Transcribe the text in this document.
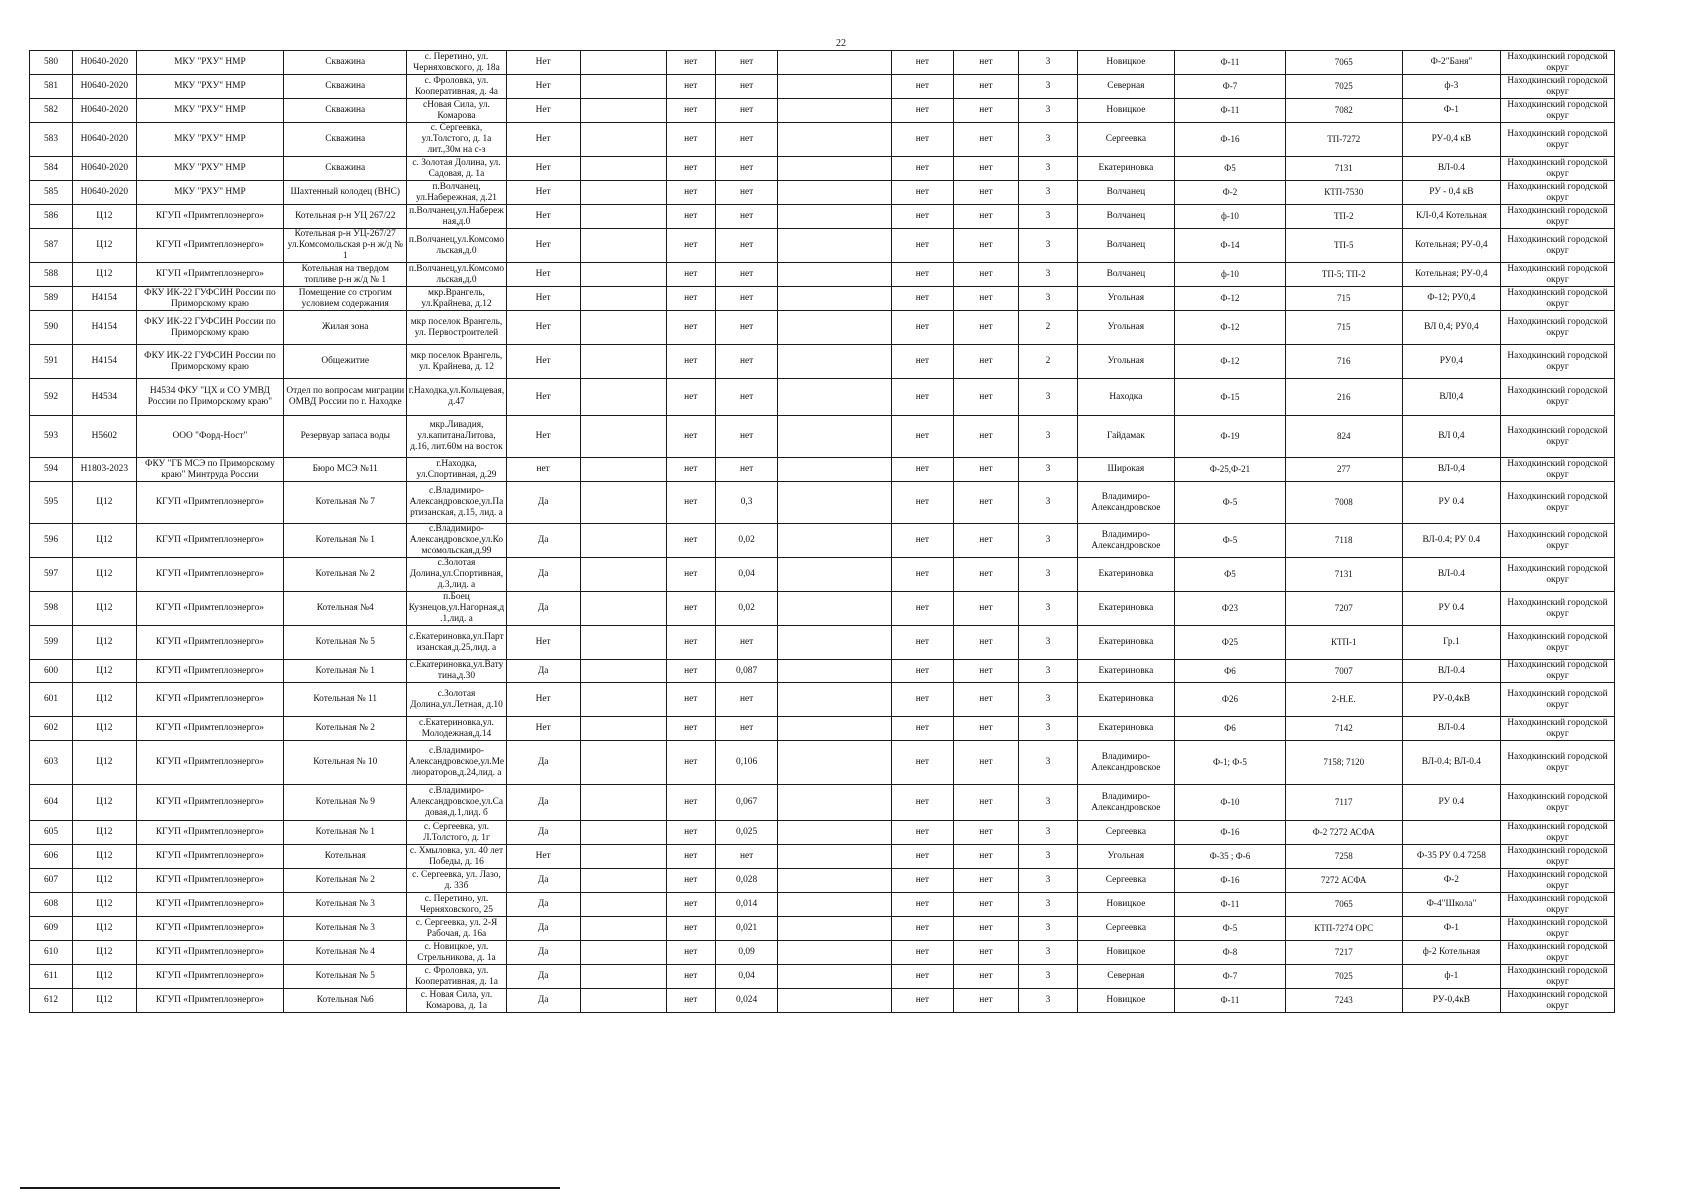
22
580	Н0640-2020	МКУ "РХУ" НМР	Скважина	с. Перетино, ул. Черняховского, д. 18а	Нет		нет	нет		нет	нет	3	Новицкое	Ф-11	7065	Ф-2"Баня"	Находкинский городской округ
581	Н0640-2020	МКУ "РХУ" НМР	Скважина	с. Фроловка, ул. Кооперативная, д. 4а	Нет		нет	нет		нет	нет	3	Северная	Ф-7	7025	ф-3	Находкинский городской округ
582	Н0640-2020	МКУ "РХУ" НМР	Скважина	сНовая Сила, ул. Комарова	Нет		нет	нет		нет	нет	3	Новицкое	Ф-11	7082	Ф-1	Находкинский городской округ
583	Н0640-2020	МКУ "РХУ" НМР	Скважина	с. Сергеевка, ул.Толстого, д. 1а лит.,30м на с-з	Нет		нет	нет		нет	нет	3	Сергеевка	Ф-16	ТП-7272	РУ-0,4 кВ	Находкинский городской округ
584	Н0640-2020	МКУ "РХУ" НМР	Скважина	с. Золотая Долина, ул. Садовая, д. 1а	Нет		нет	нет		нет	нет	3	Екатериновка	Ф5	7131	ВЛ-0.4	Находкинский городской округ
585	Н0640-2020	МКУ "РХУ" НМР	Шахтенный колодец (ВНС)	п.Волчанец, ул.Набережная, д.21	Нет		нет	нет		нет	нет	3	Волчанец	Ф-2	КТП-7530	РУ - 0,4 кВ	Находкинский городской округ
586	Ц12	КГУП «Примтеплоэнерго»	Котельная р-н УЦ 267/22	п.Волчанец,ул.Набережная,д.0	Нет		нет	нет		нет	нет	3	Волчанец	ф-10	ТП-2	КЛ-0,4 Котельная	Находкинский городской округ
587	Ц12	КГУП «Примтеплоэнерго»	Котельная р-н УЦ-267/27 ул.Комсомольская р-н ж/д № 1	п.Волчанец,ул.Комсомольская,д.0	Нет		нет	нет		нет	нет	3	Волчанец	Ф-14	ТП-5	Котельная; РУ-0,4	Находкинский городской округ
588	Ц12	КГУП «Примтеплоэнерго»	Котельная на твердом топливе р-н ж/д № 1	п.Волчанец,ул.Комсомольская,д.0	Нет		нет	нет		нет	нет	3	Волчанец	ф-10	ТП-5; ТП-2	Котельная; РУ-0,4	Находкинский городской округ
589	Н4154	ФКУ ИК-22 ГУФСИН России по Приморскому краю	Помещение со строгим условием содержания	мкр.Врангель, ул.Крайнева, д.12	Нет		нет	нет		нет	нет	3	Угольная	Ф-12	715	Ф-12; РУ0,4	Находкинский городской округ
590	Н4154	ФКУ ИК-22 ГУФСИН России по Приморскому краю	Жилая зона	мкр поселок Врангель, ул. Первостроителей	Нет		нет	нет		нет	нет	2	Угольная	Ф-12	715	ВЛ 0,4; РУ0,4	Находкинский городской округ
591	Н4154	ФКУ ИК-22 ГУФСИН России по Приморскому краю	Общежитие	мкр поселок Врангель, ул. Крайнева, д. 12	Нет		нет	нет		нет	нет	2	Угольная	Ф-12	716	РУ0,4	Находкинский городской округ
592	Н4534	Н4534 ФКУ "ЦХ и СО УМВД России по Приморскому краю"	Отдел по вопросам миграции ОМВД России по г. Находке	г.Находка,ул.Кольцевая, д.47	Нет		нет	нет		нет	нет	3	Находка	Ф-15	216	ВЛ0,4	Находкинский городской округ
593	Н5602	ООО "Форд-Ност"	Резервуар запаса воды	мкр.Ливадия, ул.капитанаЛитова, д.16, лит.60м на восток	Нет		нет	нет		нет	нет	3	Гайдамак	Ф-19	824	ВЛ 0,4	Находкинский городской округ
594	Н1803-2023	ФКУ "ГБ МСЭ по Приморскому краю" Минтруда России	Бюро МСЭ №11	г.Находка, ул.Спортивная, д.29	нет		нет	нет		нет	нет	3	Широкая	Ф-25,Ф-21	277	ВЛ-0,4	Находкинский городской округ
595	Ц12	КГУП «Примтеплоэнерго»	Котельная № 7	с.Владимиро-Александровское,ул.Партизанская, д.15, лид. а	Да		нет	0,3		нет	нет	3	Владимиро-Александровское	Ф-5	7008	РУ 0.4	Находкинский городской округ
596	Ц12	КГУП «Примтеплоэнерго»	Котельная № 1	с.Владимиро-Александровское,ул.Комсомольская,д.99	Да		нет	0,02		нет	нет	3	Владимиро-Александровское	Ф-5	7118	ВЛ-0.4; РУ 0.4	Находкинский городской округ
597	Ц12	КГУП «Примтеплоэнерго»	Котельная № 2	с.Золотая Долина,ул.Спортивная,д.3,лид. а	Да		нет	0,04		нет	нет	3	Екатериновка	Ф5	7131	ВЛ-0.4	Находкинский городской округ
598	Ц12	КГУП «Примтеплоэнерго»	Котельная №4	п.Боец Кузнецов,ул.Нагорная,д.1,лид. а	Да		нет	0,02		нет	нет	3	Екатериновка	Ф23	7207	РУ 0.4	Находкинский городской округ
599	Ц12	КГУП «Примтеплоэнерго»	Котельная № 5	с.Екатериновка,ул.Партизанская,д.25,лид. а	Нет		нет	нет		нет	нет	3	Екатериновка	Ф25	КТП-1	Гр.1	Находкинский городской округ
600	Ц12	КГУП «Примтеплоэнерго»	Котельная № 1	с.Екатериновка,ул.Ватутина,д.30	Да		нет	0,087		нет	нет	3	Екатериновка	Ф6	7007	ВЛ-0.4	Находкинский городской округ
601	Ц12	КГУП «Примтеплоэнерго»	Котельная № 11	с.Золотая Долина,ул.Летная, д.10	Нет		нет	нет		нет	нет	3	Екатериновка	Ф26	2-Н.Е.	РУ-0,4кВ	Находкинский городской округ
602	Ц12	КГУП «Примтеплоэнерго»	Котельная № 2	с.Екатериновка,ул. Молодежная,д.14	Нет		нет	нет		нет	нет	3	Екатериновка	Ф6	7142	ВЛ-0.4	Находкинский городской округ
603	Ц12	КГУП «Примтеплоэнерго»	Котельная № 10	с.Владимиро-Александровское,ул.Мелиораторов,д.24,лид. а	Да		нет	0,106		нет	нет	3	Владимиро-Александровское	Ф-1; Ф-5	7158; 7120	ВЛ-0.4; ВЛ-0.4	Находкинский городской округ
604	Ц12	КГУП «Примтеплоэнерго»	Котельная № 9	с.Владимиро-Александровское,ул.Садовая,д.1,лид. б	Да		нет	0,067		нет	нет	3	Владимиро-Александровское	Ф-10	7117	РУ 0.4	Находкинский городской округ
605	Ц12	КГУП «Примтеплоэнерго»	Котельная № 1	с. Сергеевка, ул. Л.Толстого, д. 1г	Да		нет	0,025		нет	нет	3	Сергеевка	Ф-16	Ф-2 7272 АСФА		Находкинский городской округ
606	Ц12	КГУП «Примтеплоэнерго»	Котельная	с. Хмыловка, ул. 40 лет Победы, д. 16	Нет		нет	нет		нет	нет	3	Угольная	Ф-35 ; Ф-6	7258	Ф-35 РУ 0.4 7258	Находкинский городской округ
607	Ц12	КГУП «Примтеплоэнерго»	Котельная № 2	с. Сергеевка, ул. Лазо, д. 33б	Да		нет	0,028		нет	нет	3	Сергеевка	Ф-16	7272 АСФА	Ф-2	Находкинский городской округ
608	Ц12	КГУП «Примтеплоэнерго»	Котельная № 3	с. Перетино, ул. Черняховского, 25	Да		нет	0,014		нет	нет	3	Новицкое	Ф-11	7065	Ф-4"Школа"	Находкинский городской округ
609	Ц12	КГУП «Примтеплоэнерго»	Котельная № 3	с. Сергеевка, ул. 2-Я Рабочая, д. 16а	Да		нет	0,021		нет	нет	3	Сергеевка	Ф-5	КТП-7274 ОРС	Ф-1	Находкинский городской округ
610	Ц12	КГУП «Примтеплоэнерго»	Котельная № 4	с. Новицкое, ул. Стрельникова, д. 1а	Да		нет	0,09		нет	нет	3	Новицкое	Ф-8	7217	ф-2 Котельная	Находкинский городской округ
611	Ц12	КГУП «Примтеплоэнерго»	Котельная № 5	с. Фроловка, ул. Кооперативная, д. 1а	Да		нет	0,04		нет	нет	3	Северная	Ф-7	7025	ф-1	Находкинский городской округ
612	Ц12	КГУП «Примтеплоэнерго»	Котельная №6	с. Новая Сила, ул. Комарова, д. 1а	Да		нет	0,024		нет	нет	3	Новицкое	Ф-11	7243	РУ-0,4кВ	Находкинский городской округ
